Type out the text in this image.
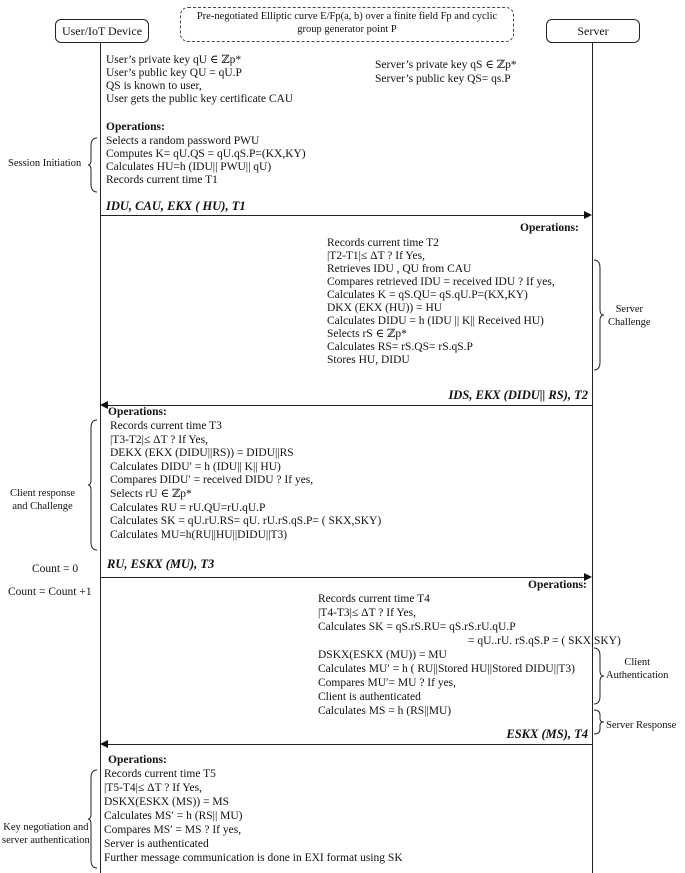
User/IoT Device	Server
Pre-negotiated Elliptic curve E/Fp(a, b) over a finite field Fp and cyclic
group generator point P
User’s private key qU ∈ ℤp*
User’s public key QU = qU.P
QS is known to user,
User gets the public key certificate CAU
Server’s private key qS ∈ ℤp*
Server’s public key QS= qs.P
Operations:
Selects a random password PWU
Computes K= qU.QS = qU.qS.P=(KX,KY)
Calculates HU=h (IDU|| PWU|| qU)
Records current time T1
Session Initiation
IDU, CAU, EKX ( HU), T1
Operations:
Records current time T2
|T2-T1|≤ ΔT ? If Yes,
Retrieves IDU , QU from CAU
Compares retrieved IDU = received IDU ? If yes,
Calculates K = qS.QU= qS.qU.P=(KX,KY)
DKX (EKX (HU)) = HU
Calculates DIDU = h (IDU || K|| Received HU)
Selects rS ∈ ℤp*
Calculates RS= rS.QS= rS.qS.P
Stores HU, DIDU
Server
Challenge
IDS, EKX (DIDU|| RS), T2
Operations:
Records current time T3
|T3-T2|≤ ΔT ? If Yes,
DEKX (EKX (DIDU||RS)) = DIDU||RS
Calculates DIDU′ = h (IDU|| K|| HU)
Compares DIDU′ = received DIDU ? If yes,
Selects rU ∈ ℤp*
Calculates RU = rU.QU=rU.qU.P
Calculates SK = qU.rU.RS= qU. rU.rS.qS.P= ( SKX,SKY)
Calculates MU=h(RU||HU||DIDU||T3)
Client response
and Challenge
Count = 0
Count = Count +1
RU, ESKX (MU), T3
Operations:
Records current time T4
|T4-T3|≤ ΔT ? If Yes,
Calculates SK = qS.rS.RU= qS.rS.rU.qU.P
= qU..rU. rS.qS.P = ( SKX,SKY)
DSKX(ESKX (MU)) = MU
Calculates MU′ = h ( RU||Stored HU||Stored DIDU||T3)
Compares MU′= MU ? If yes,
Client is authenticated
Calculates MS = h (RS||MU)
Client
Authentication
Server Response
ESKX (MS), T4
Operations:
Records current time T5
|T5-T4|≤ ΔT ? If Yes,
DSKX(ESKX (MS)) = MS
Calculates MS′ = h (RS|| MU)
Compares MS′ = MS ? If yes,
Server is authenticated
Further message communication is done in EXI format using SK
Key negotiation and
server authentication
